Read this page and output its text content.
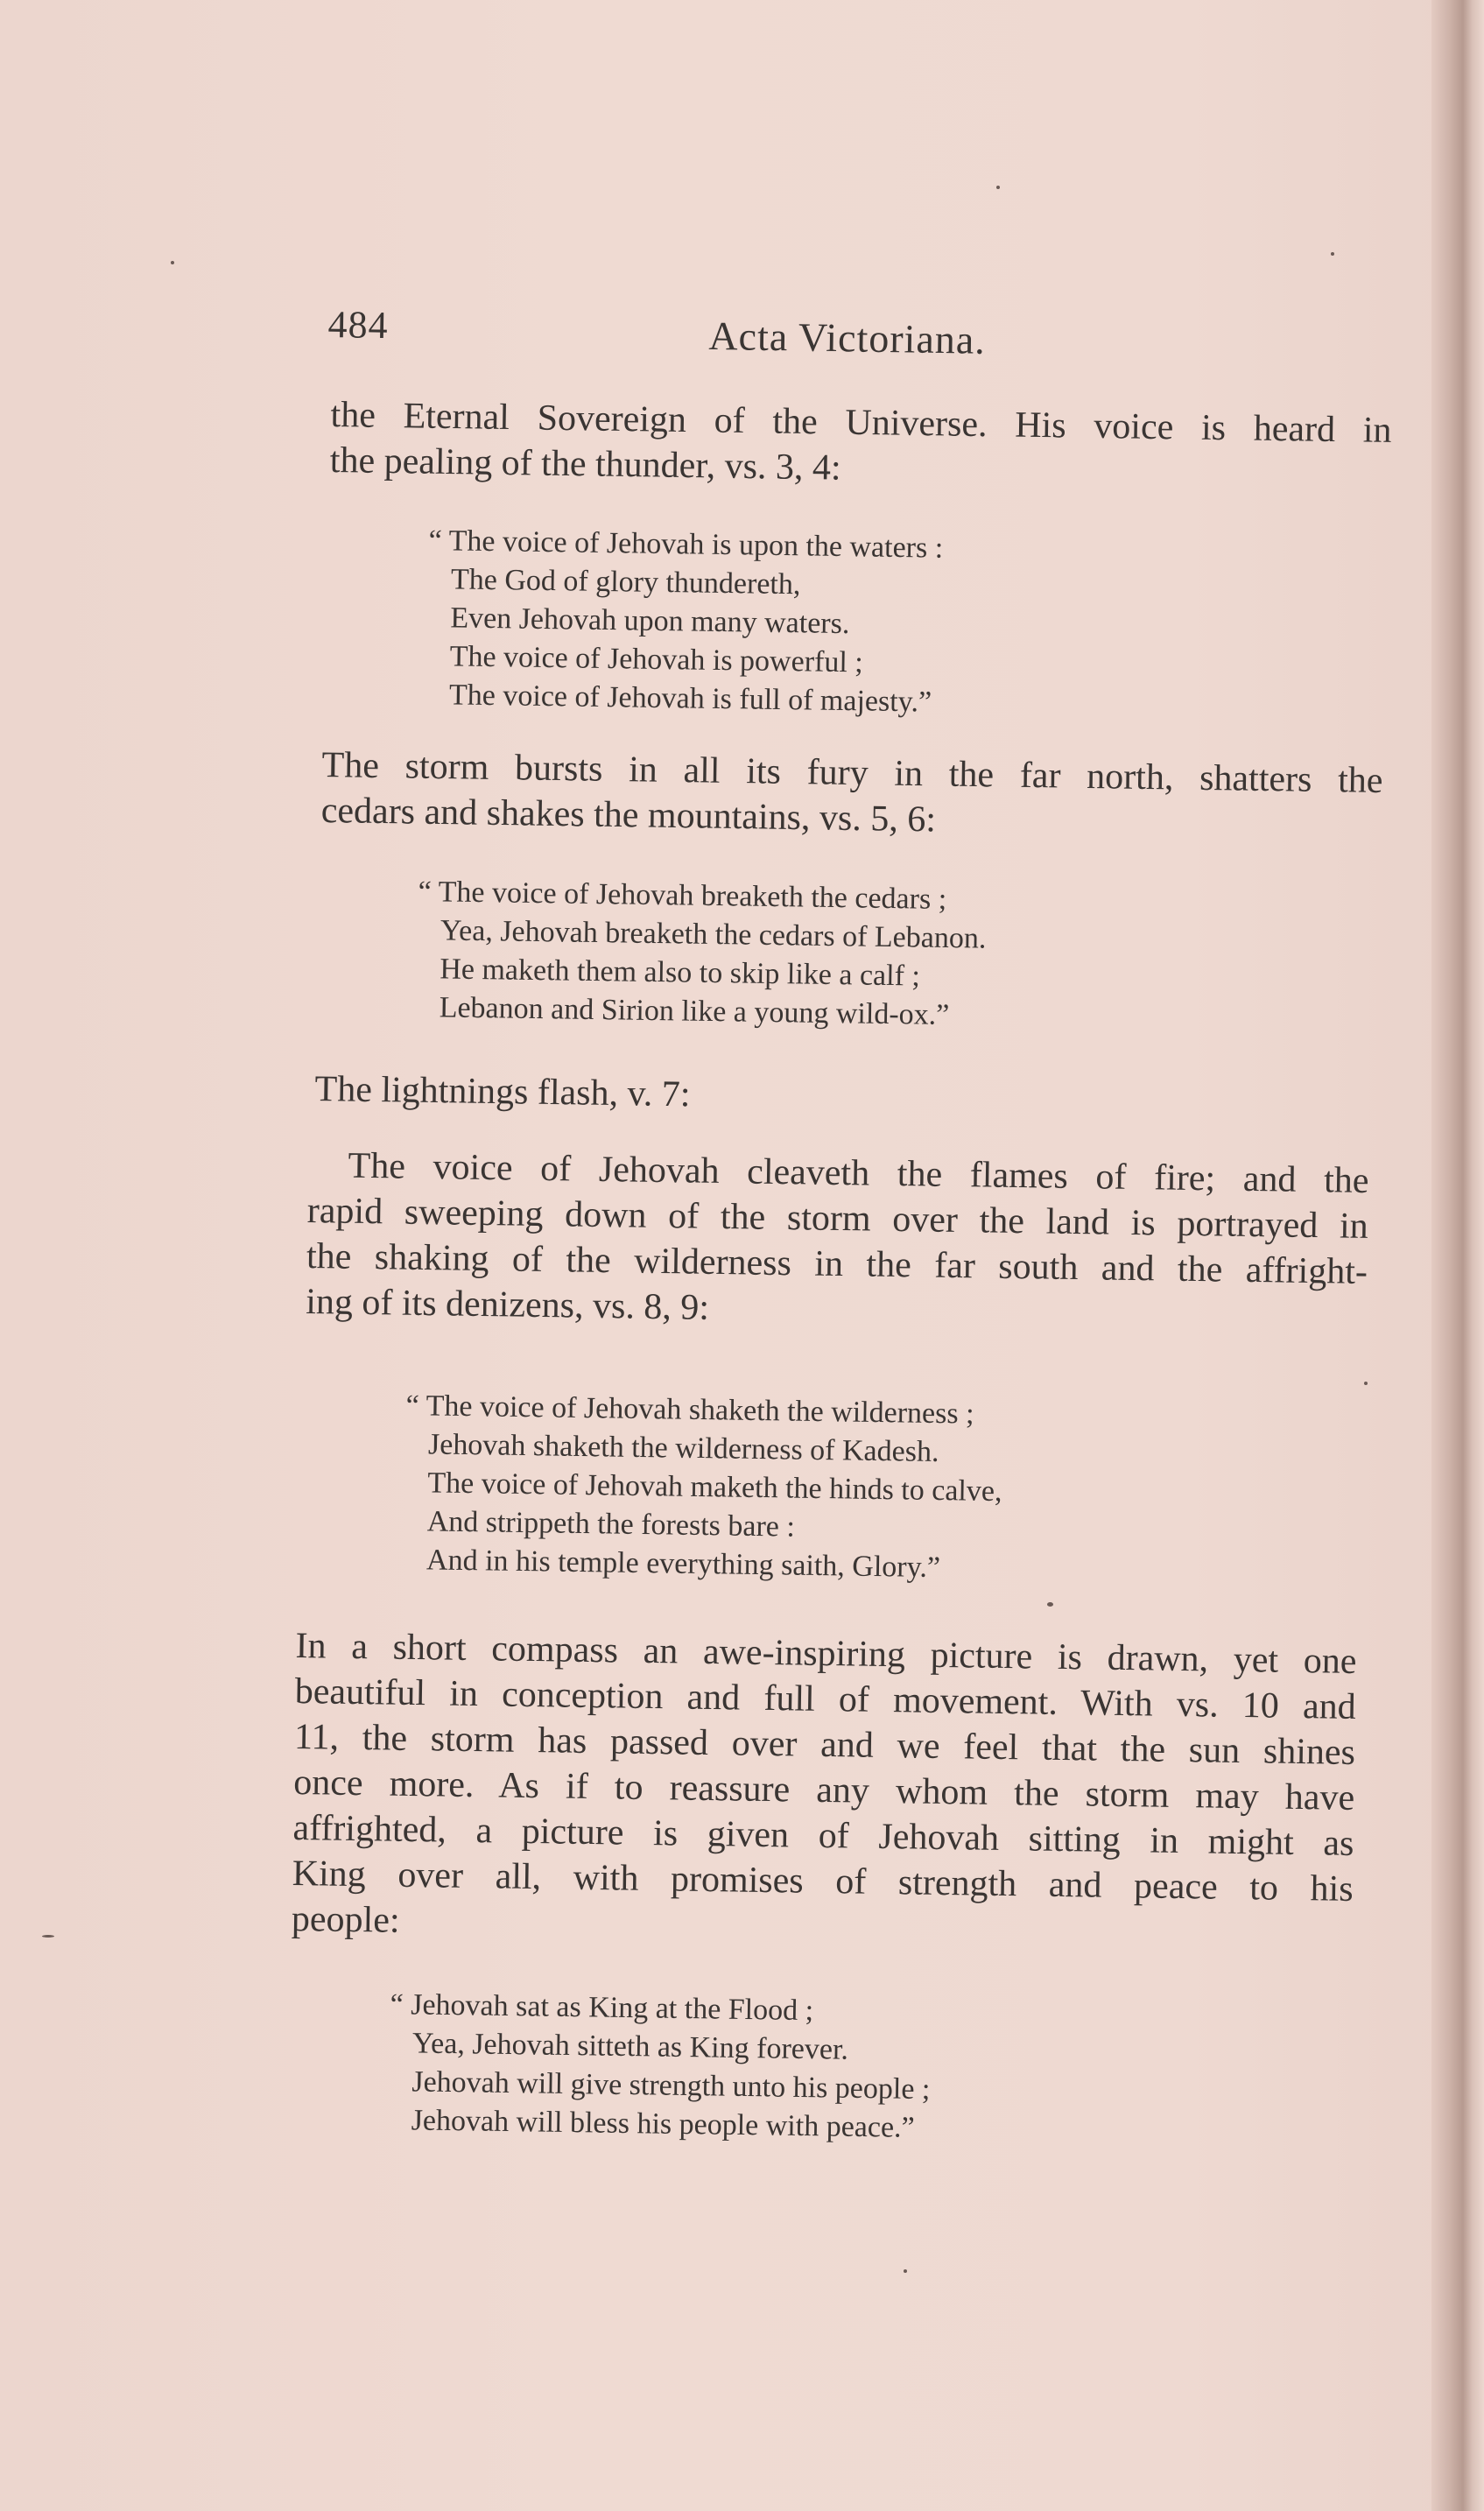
484	Acta Victoriana.
the Eternal Sovereign of the Universe. His voice is heard in
the pealing of the thunder, vs. 3, 4:
“ The voice of Jehovah is upon the waters :
The God of glory thundereth,
Even Jehovah upon many waters.
The voice of Jehovah is powerful ;
The voice of Jehovah is full of majesty.”
The storm bursts in all its fury in the far north, shatters the
cedars and shakes the mountains, vs. 5, 6:
“ The voice of Jehovah breaketh the cedars ;
Yea, Jehovah breaketh the cedars of Lebanon.
He maketh them also to skip like a calf ;
Lebanon and Sirion like a young wild-ox.”
The lightnings flash, v. 7:
The voice of Jehovah cleaveth the flames of fire; and the
rapid sweeping down of the storm over the land is portrayed in
the shaking of the wilderness in the far south and the affright-
ing of its denizens, vs. 8, 9:
“ The voice of Jehovah shaketh the wilderness ;
Jehovah shaketh the wilderness of Kadesh.
The voice of Jehovah maketh the hinds to calve,
And strippeth the forests bare :
And in his temple everything saith, Glory.”
In a short compass an awe-inspiring picture is drawn, yet one
beautiful in conception and full of movement. With vs. 10 and
11, the storm has passed over and we feel that the sun shines
once more. As if to reassure any whom the storm may have
affrighted, a picture is given of Jehovah sitting in might as
King over all, with promises of strength and peace to his
people:
“ Jehovah sat as King at the Flood ;
Yea, Jehovah sitteth as King forever.
Jehovah will give strength unto his people ;
Jehovah will bless his people with peace.”
